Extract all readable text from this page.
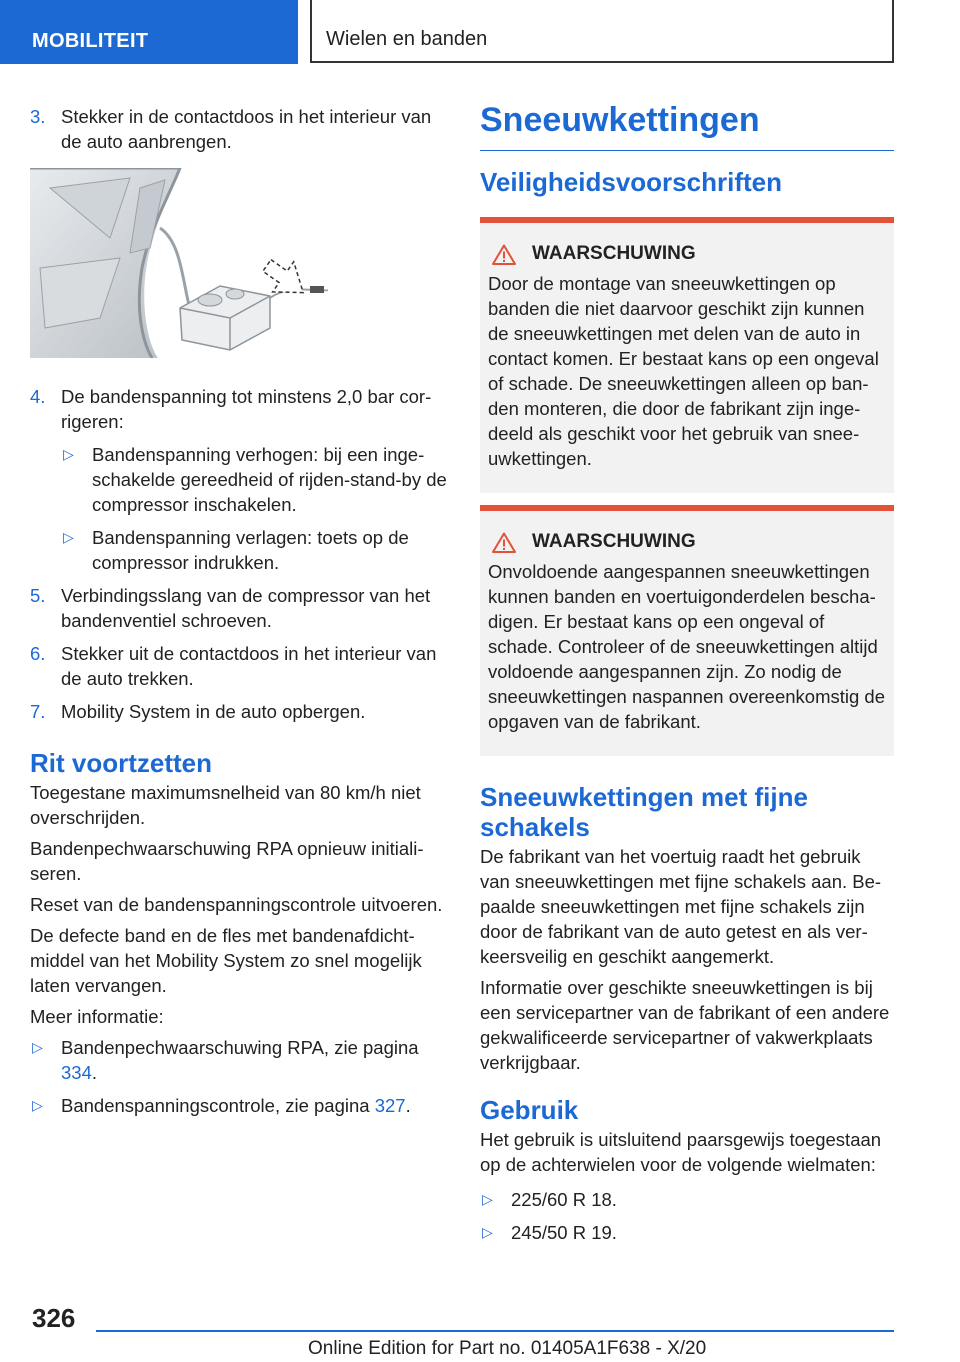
MOBILITEIT	Wielen en banden
3. Stekker in de contactdoos in het interieur van de auto aanbrengen.
4. De bandenspanning tot minstens 2,0 bar corrigeren:
▷ Bandenspanning verhogen: bij een ingeschakelde gereedheid of rijden-stand-by de compressor inschakelen.
▷ Bandenspanning verlagen: toets op de compressor indrukken.
5. Verbindingsslang van de compressor van het bandenventiel schroeven.
6. Stekker uit de contactdoos in het interieur van de auto trekken.
7. Mobility System in de auto opbergen.
Rit voortzetten

Toegestane maximumsnelheid van 80 km/h niet overschrijden.

Bandenpechwaarschuwing RPA opnieuw initialiseren.

Reset van de bandenspanningscontrole uitvoeren.

De defecte band en de fles met bandenafdichtmiddel van het Mobility System zo snel mogelijk laten vervangen.

Meer informatie:

▷ Bandenpechwaarschuwing RPA, zie pagina 334.
▷ Bandenspanningscontrole, zie pagina 327.
Sneeuwkettingen
Veiligheidsvoorschriften
WAARSCHUWING

Door de montage van sneeuwkettingen op banden die niet daarvoor geschikt zijn kunnen de sneeuwkettingen met delen van de auto in contact komen. Er bestaat kans op een ongeval of schade. De sneeuwkettingen alleen op banden monteren, die door de fabrikant zijn ingedeeld als geschikt voor het gebruik van sneeuwkettingen.

WAARSCHUWING

Onvoldoende aangespannen sneeuwkettingen kunnen banden en voertuigonderdelen beschadigen. Er bestaat kans op een ongeval of schade. Controleer of de sneeuwkettingen altijd voldoende aangespannen zijn. Zo nodig de sneeuwkettingen naspannen overeenkomstig de opgaven van de fabrikant.

Sneeuwkettingen met fijne schakels

De fabrikant van het voertuig raadt het gebruik van sneeuwkettingen met fijne schakels aan. Bepaalde sneeuwkettingen met fijne schakels zijn door de fabrikant van de auto getest en als verkeersveilig en geschikt aangemerkt.

Informatie over geschikte sneeuwkettingen is bij een servicepartner van de fabrikant of een andere gekwalificeerde servicepartner of vakwerkplaats verkrijgbaar.

Gebruik

Het gebruik is uitsluitend paarsgewijs toegestaan op de achterwielen voor de volgende wielmaten:

▷ 225/60 R 18.
▷ 245/50 R 19.
326
Online Edition for Part no. 01405A1F638 - X/20
